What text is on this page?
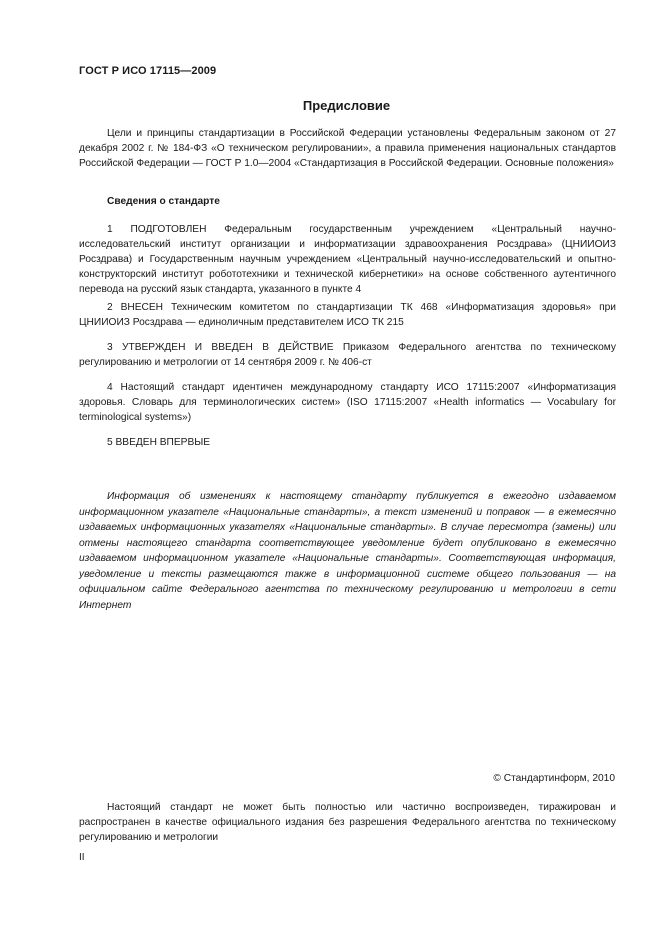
ГОСТ Р ИСО 17115—2009
Предисловие
Цели и принципы стандартизации в Российской Федерации установлены Федеральным законом от 27 декабря 2002 г. № 184-ФЗ «О техническом регулировании», а правила применения национальных стандартов Российской Федерации — ГОСТ Р 1.0—2004 «Стандартизация в Российской Федерации. Основные положения»
Сведения о стандарте
1 ПОДГОТОВЛЕН Федеральным государственным учреждением «Центральный научно-исследовательский институт организации и информатизации здравоохранения Росздрава» (ЦНИИОИЗ Росздрава) и Государственным научным учреждением «Центральный научно-исследовательский и опытно-конструкторский институт робототехники и технической кибернетики» на основе собственного аутентичного перевода на русский язык стандарта, указанного в пункте 4
2 ВНЕСЕН Техническим комитетом по стандартизации ТК 468 «Информатизация здоровья» при ЦНИИОИЗ Росздрава — единоличным представителем ИСО ТК 215
3 УТВЕРЖДЕН И ВВЕДЕН В ДЕЙСТВИЕ Приказом Федерального агентства по техническому регулированию и метрологии от 14 сентября 2009 г. № 406-ст
4 Настоящий стандарт идентичен международному стандарту ИСО 17115:2007 «Информатизация здоровья. Словарь для терминологических систем» (ISO 17115:2007 «Health informatics — Vocabulary for terminological systems»)
5 ВВЕДЕН ВПЕРВЫЕ
Информация об изменениях к настоящему стандарту публикуется в ежегодно издаваемом информационном указателе «Национальные стандарты», а текст изменений и поправок — в ежемесячно издаваемых информационных указателях «Национальные стандарты». В случае пересмотра (замены) или отмены настоящего стандарта соответствующее уведомление будет опубликовано в ежемесячно издаваемом информационном указателе «Национальные стандарты». Соответствующая информация, уведомление и тексты размещаются также в информационной системе общего пользования — на официальном сайте Федерального агентства по техническому регулированию и метрологии в сети Интернет
© Стандартинформ, 2010
Настоящий стандарт не может быть полностью или частично воспроизведен, тиражирован и распространен в качестве официального издания без разрешения Федерального агентства по техническому регулированию и метрологии
II
